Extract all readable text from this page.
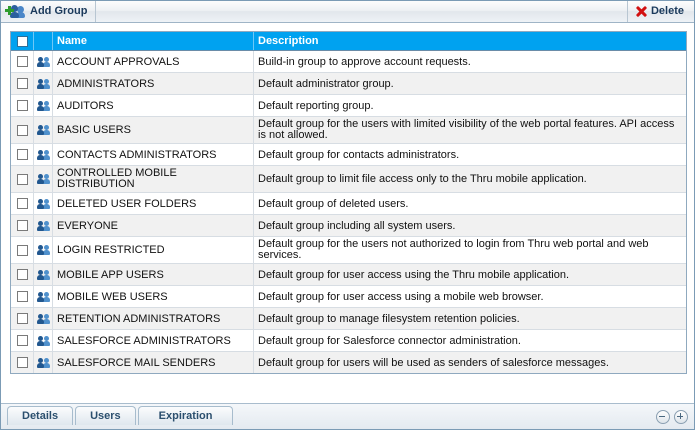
Add Group	Delete
		Name	Description

	ACCOUNT APPROVALS	Build-in group to approve account requests.

	ADMINISTRATORS	Default administrator group.

	AUDITORS	Default reporting group.

	BASIC USERS	Default group for the users with limited visibility of the web portal features. API access is not allowed.

	CONTACTS ADMINISTRATORS	Default group for contacts administrators.

	CONTROLLED MOBILE DISTRIBUTION	Default group to limit file access only to the Thru mobile application.

	DELETED USER FOLDERS	Default group of deleted users.

	EVERYONE	Default group including all system users.

	LOGIN RESTRICTED	Default group for the users not authorized to login from Thru web portal and web services.

	MOBILE APP USERS	Default group for user access using the Thru mobile application.

	MOBILE WEB USERS	Default group for user access using a mobile web browser.

	RETENTION ADMINISTRATORS	Default group to manage filesystem retention policies.

	SALESFORCE ADMINISTRATORS	Default group for Salesforce connector administration.

	SALESFORCE MAIL SENDERS	Default group for users will be used as senders of salesforce messages.
Details	Users	Expiration
